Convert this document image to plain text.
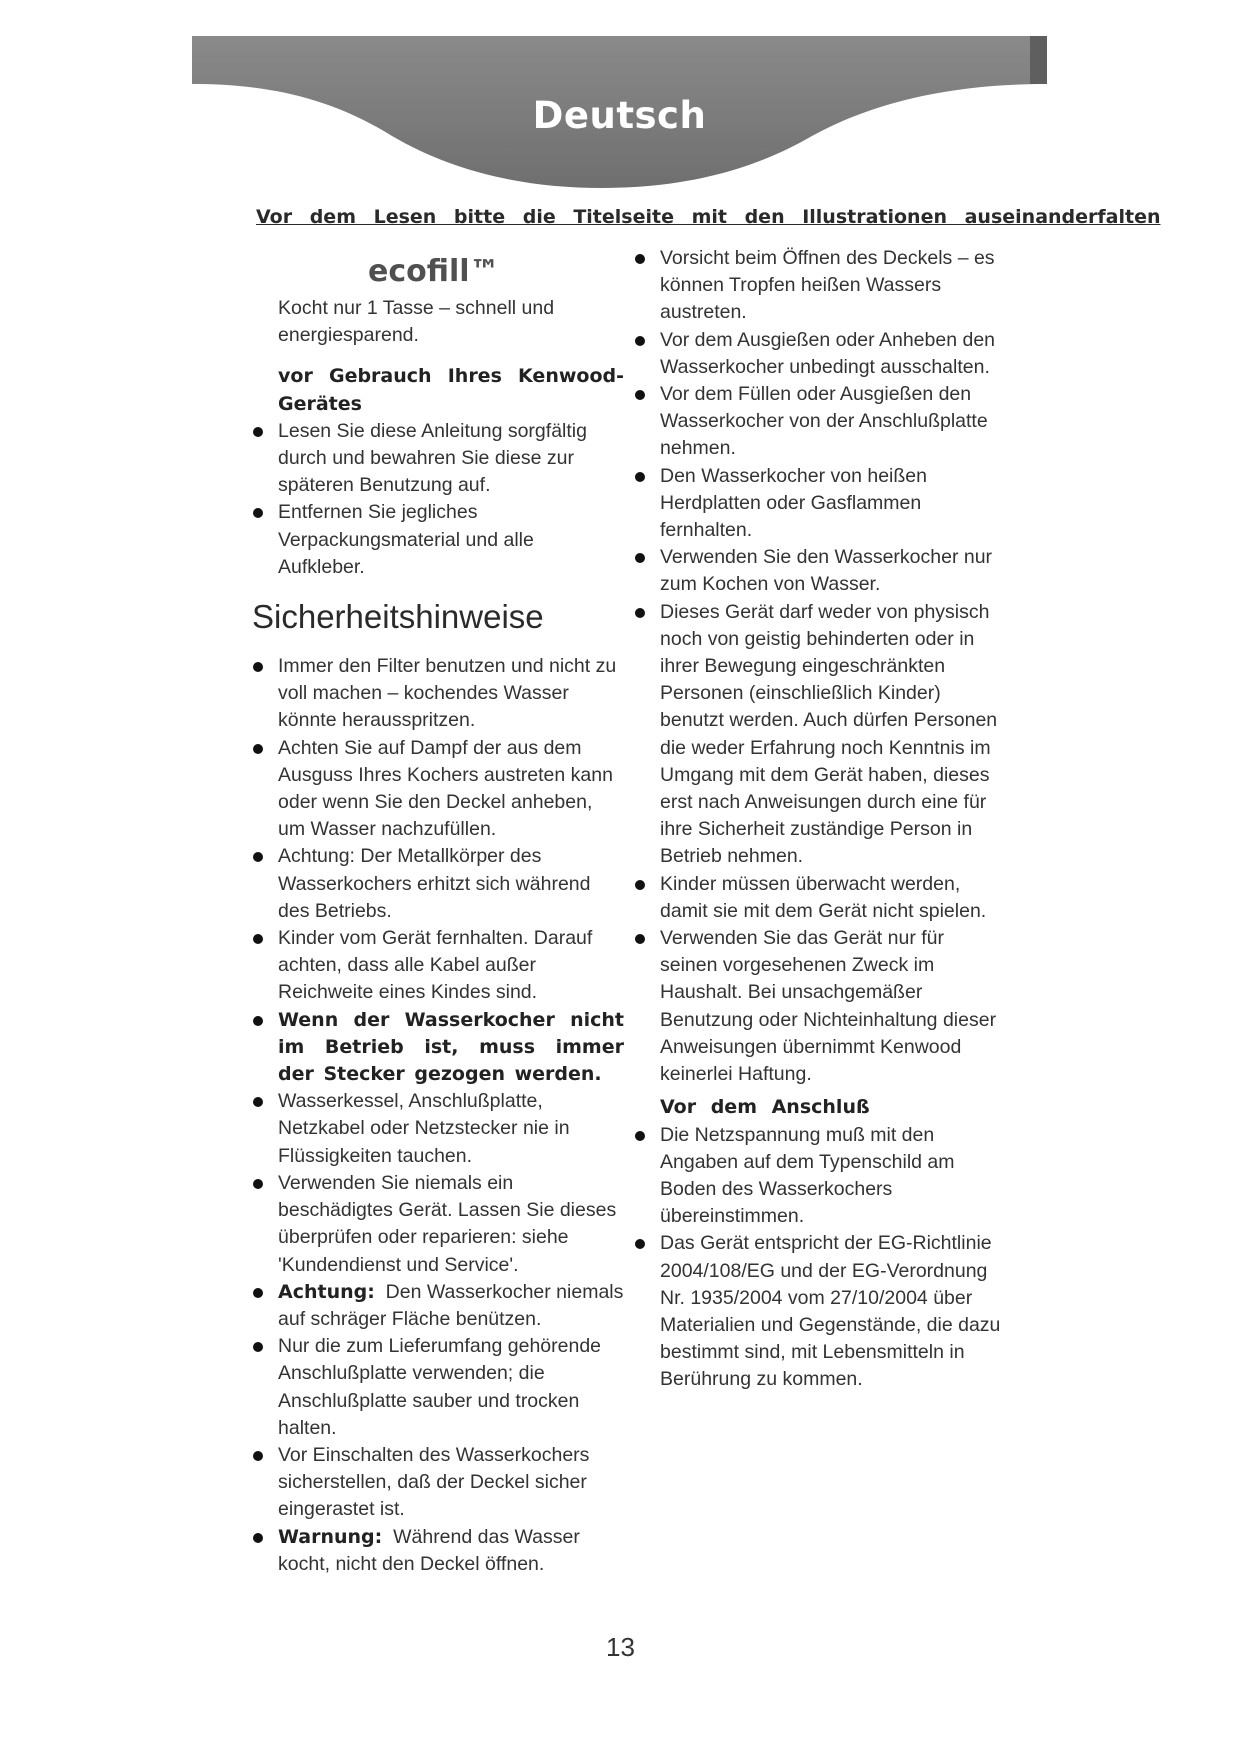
Deutsch
Vor dem Lesen bitte die Titelseite mit den Illustrationen auseinanderfalten
ecofill™
Kocht nur 1 Tasse – schnell und energiesparend.
vor Gebrauch Ihres Kenwood-Gerätes
Lesen Sie diese Anleitung sorgfältig durch und bewahren Sie diese zur späteren Benutzung auf.
Entfernen Sie jegliches Verpackungsmaterial und alle Aufkleber.
Sicherheitshinweise
Immer den Filter benutzen und nicht zu voll machen – kochendes Wasser könnte herausspritzen.
Achten Sie auf Dampf der aus dem Ausguss Ihres Kochers austreten kann oder wenn Sie den Deckel anheben, um Wasser nachzufüllen.
Achtung: Der Metallkörper des Wasserkochers erhitzt sich während des Betriebs.
Kinder vom Gerät fernhalten. Darauf achten, dass alle Kabel außer Reichweite eines Kindes sind.
Wenn der Wasserkocher nicht im Betrieb ist, muss immer der Stecker gezogen werden.
Wasserkessel, Anschlußplatte, Netzkabel oder Netzstecker nie in Flüssigkeiten tauchen.
Verwenden Sie niemals ein beschädigtes Gerät. Lassen Sie dieses überprüfen oder reparieren: siehe 'Kundendienst und Service'.
Achtung: Den Wasserkocher niemals auf schräger Fläche benützen.
Nur die zum Lieferumfang gehörende Anschlußplatte verwenden; die Anschlußplatte sauber und trocken halten.
Vor Einschalten des Wasserkochers sicherstellen, daß der Deckel sicher eingerastet ist.
Warnung: Während das Wasser kocht, nicht den Deckel öffnen.
Vorsicht beim Öffnen des Deckels – es können Tropfen heißen Wassers austreten.
Vor dem Ausgießen oder Anheben den Wasserkocher unbedingt ausschalten.
Vor dem Füllen oder Ausgießen den Wasserkocher von der Anschlußplatte nehmen.
Den Wasserkocher von heißen Herdplatten oder Gasflammen fernhalten.
Verwenden Sie den Wasserkocher nur zum Kochen von Wasser.
Dieses Gerät darf weder von physisch noch von geistig behinderten oder in ihrer Bewegung eingeschränkten Personen (einschließlich Kinder) benutzt werden. Auch dürfen Personen die weder Erfahrung noch Kenntnis im Umgang mit dem Gerät haben, dieses erst nach Anweisungen durch eine für ihre Sicherheit zuständige Person in Betrieb nehmen.
Kinder müssen überwacht werden, damit sie mit dem Gerät nicht spielen.
Verwenden Sie das Gerät nur für seinen vorgesehenen Zweck im Haushalt. Bei unsachgemäßer Benutzung oder Nichteinhaltung dieser Anweisungen übernimmt Kenwood keinerlei Haftung.
Vor dem Anschluß
Die Netzspannung muß mit den Angaben auf dem Typenschild am Boden des Wasserkochers übereinstimmen.
Das Gerät entspricht der EG-Richtlinie 2004/108/EG und der EG-Verordnung Nr. 1935/2004 vom 27/10/2004 über Materialien und Gegenstände, die dazu bestimmt sind, mit Lebensmitteln in Berührung zu kommen.
13
